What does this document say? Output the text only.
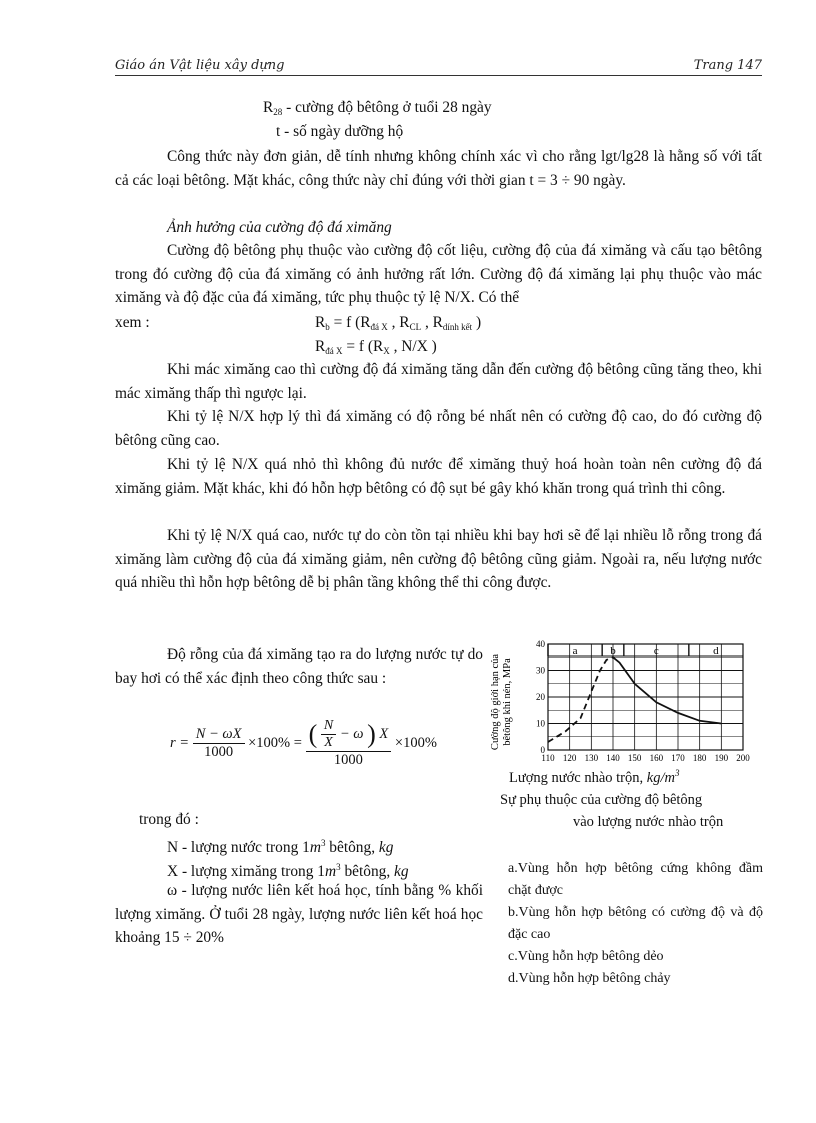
Giáo án Vật liệu xây dựng	Trang 147
$R_{28}$ - cường độ bêtông ở tuổi 28 ngày
t - số ngày dưỡng hộ
Công thức này đơn giản, dễ tính nhưng không chính xác vì cho rằng lgt/lg28 là hằng số với tất cả các loại bêtông. Mặt khác, công thức này chỉ đúng với thời gian t = 3 ÷ 90 ngày.
Ảnh hưởng của cường độ đá ximăng
Cường độ bêtông phụ thuộc vào cường độ cốt liệu, cường độ của đá ximăng và cấu tạo bêtông trong đó cường độ của đá ximăng có ảnh hưởng rất lớn. Cường độ đá ximăng lại phụ thuộc vào mác ximăng và độ đặc của đá ximăng, tức phụ thuộc tỷ lệ N/X. Có thể
xem :	$R_b = f$ ($R_{đá X}$ , $R_{CL}$ , $R_{dính kết}$ )
$R_{đá X} = f$ ($R_X$ , N/X )
Khi mác ximăng cao thì cường độ đá ximăng tăng dẫn đến cường độ bêtông cũng tăng theo, khi mác ximăng thấp thì ngược lại.
Khi tỷ lệ N/X hợp lý thì đá ximăng có độ rỗng bé nhất nên có cường độ cao, do đó cường độ bêtông cũng cao.
Khi tỷ lệ N/X quá nhỏ thì không đủ nước để ximăng thuỷ hoá hoàn toàn nên cường độ đá ximăng giảm. Mặt khác, khi đó hỗn hợp bêtông có độ sụt bé gây khó khăn trong quá trình thi công.
Khi tỷ lệ N/X quá cao, nước tự do còn tồn tại nhiều khi bay hơi sẽ để lại nhiều lỗ rỗng trong đá ximăng làm cường độ của đá ximăng giảm, nên cường độ bêtông cũng giảm. Ngoài ra, nếu lượng nước quá nhiều thì hỗn hợp bêtông dễ bị phân tầng không thể thi công được.
Độ rỗng của đá ximăng tạo ra do lượng nước tự do bay hơi có thể xác định theo công thức sau :
$r = \frac{N - \omega X}{1000} \times 100\% = \frac{( \frac{N}{X} - \omega ) X}{1000} \times 100\%$
trong đó :
N - lượng nước trong $1m^3$ bêtông, kg
X - lượng ximăng trong $1m^3$ bêtông, kg
ω - lượng nước liên kết hoá học, tính bằng % khối lượng ximăng. Ở tuổi 28 ngày, lượng nước liên kết hoá học khoảng 15 ÷ 20%
a	b	c	d
0
10
20
30
40
110 120 130 140 150 160 170 180 190 200
Cường độ giới hạn củabêtông khi nén, MPa
Lượng nước nhào trộn, $kg/m^3$
Sự phụ thuộc của cường độ bêtông
vào lượng nước nhào trộn
a.Vùng hỗn hợp bêtông cứng không đầm chặt được
b.Vùng hỗn hợp bêtông có cường độ và độ đặc cao
c.Vùng hỗn hợp bêtông dẻo
d.Vùng hỗn hợp bêtông chảy
